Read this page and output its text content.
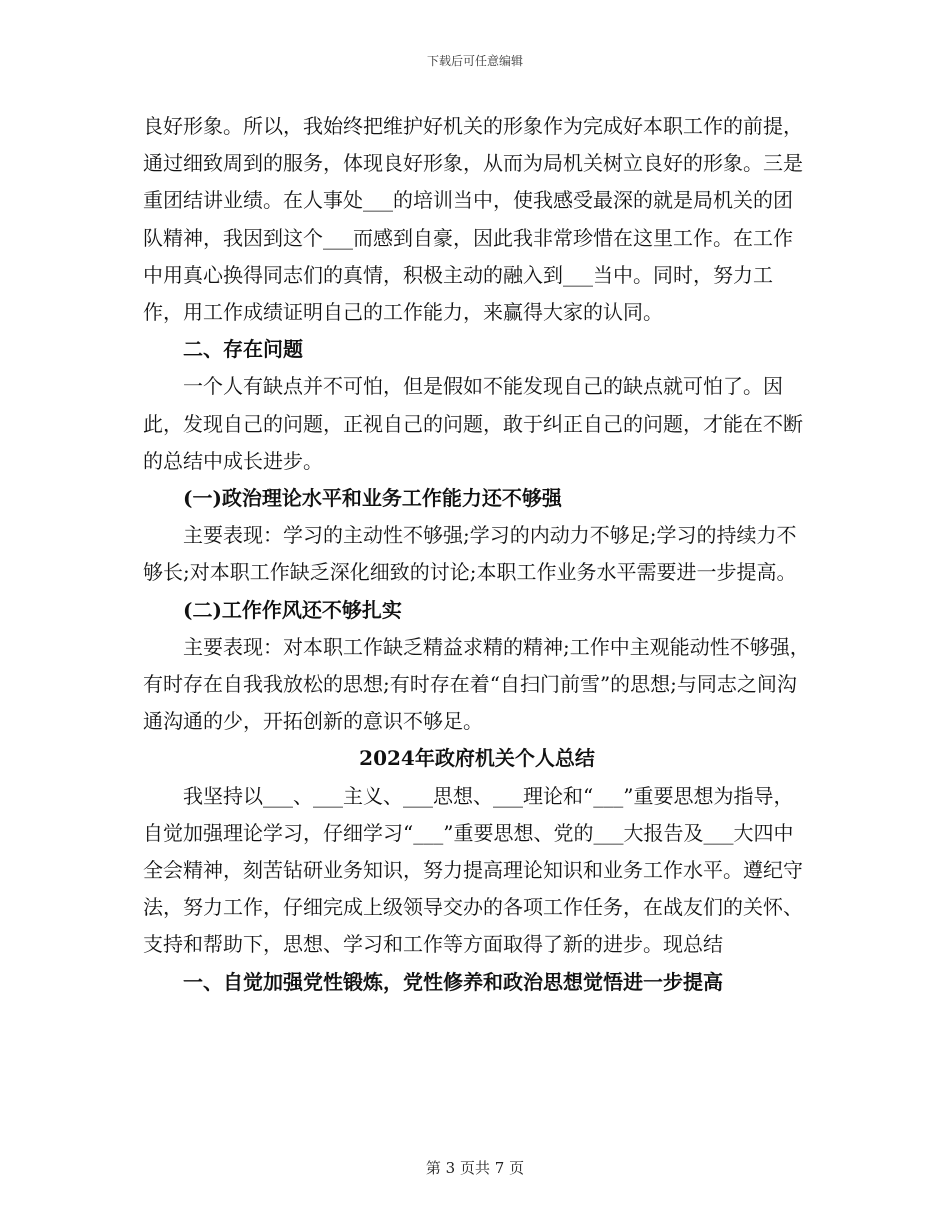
下载后可任意编辑

良好形象。所以，我始终把维护好机关的形象作为完成好本职工作的前提，通过细致周到的服务，体现良好形象，从而为局机关树立良好的形象。三是重团结讲业绩。在人事处___的培训当中，使我感受最深的就是局机关的团队精神，我因到这个___而感到自豪，因此我非常珍惜在这里工作。在工作中用真心换得同志们的真情，积极主动的融入到___当中。同时，努力工作，用工作成绩证明自己的工作能力，来赢得大家的认同。

二、存在问题

一个人有缺点并不可怕，但是假如不能发现自己的缺点就可怕了。因此，发现自己的问题，正视自己的问题，敢于纠正自己的问题，才能在不断的总结中成长进步。

(一)政治理论水平和业务工作能力还不够强

主要表现：学习的主动性不够强;学习的内动力不够足;学习的持续力不够长;对本职工作缺乏深化细致的讨论;本职工作业务水平需要进一步提高。

(二)工作作风还不够扎实

主要表现：对本职工作缺乏精益求精的精神;工作中主观能动性不够强，有时存在自我我放松的思想;有时存在着“自扫门前雪”的思想;与同志之间沟通沟通的少，开拓创新的意识不够足。

2024年政府机关个人总结

我坚持以___、___主义、___思想、___理论和“___”重要思想为指导，自觉加强理论学习，仔细学习“___”重要思想、党的___大报告及___大四中全会精神，刻苦钻研业务知识，努力提高理论知识和业务工作水平。遵纪守法，努力工作，仔细完成上级领导交办的各项工作任务，在战友们的关怀、支持和帮助下，思想、学习和工作等方面取得了新的进步。现总结

一、自觉加强党性锻炼，党性修养和政治思想觉悟进一步提高

第 3 页共 7 页
